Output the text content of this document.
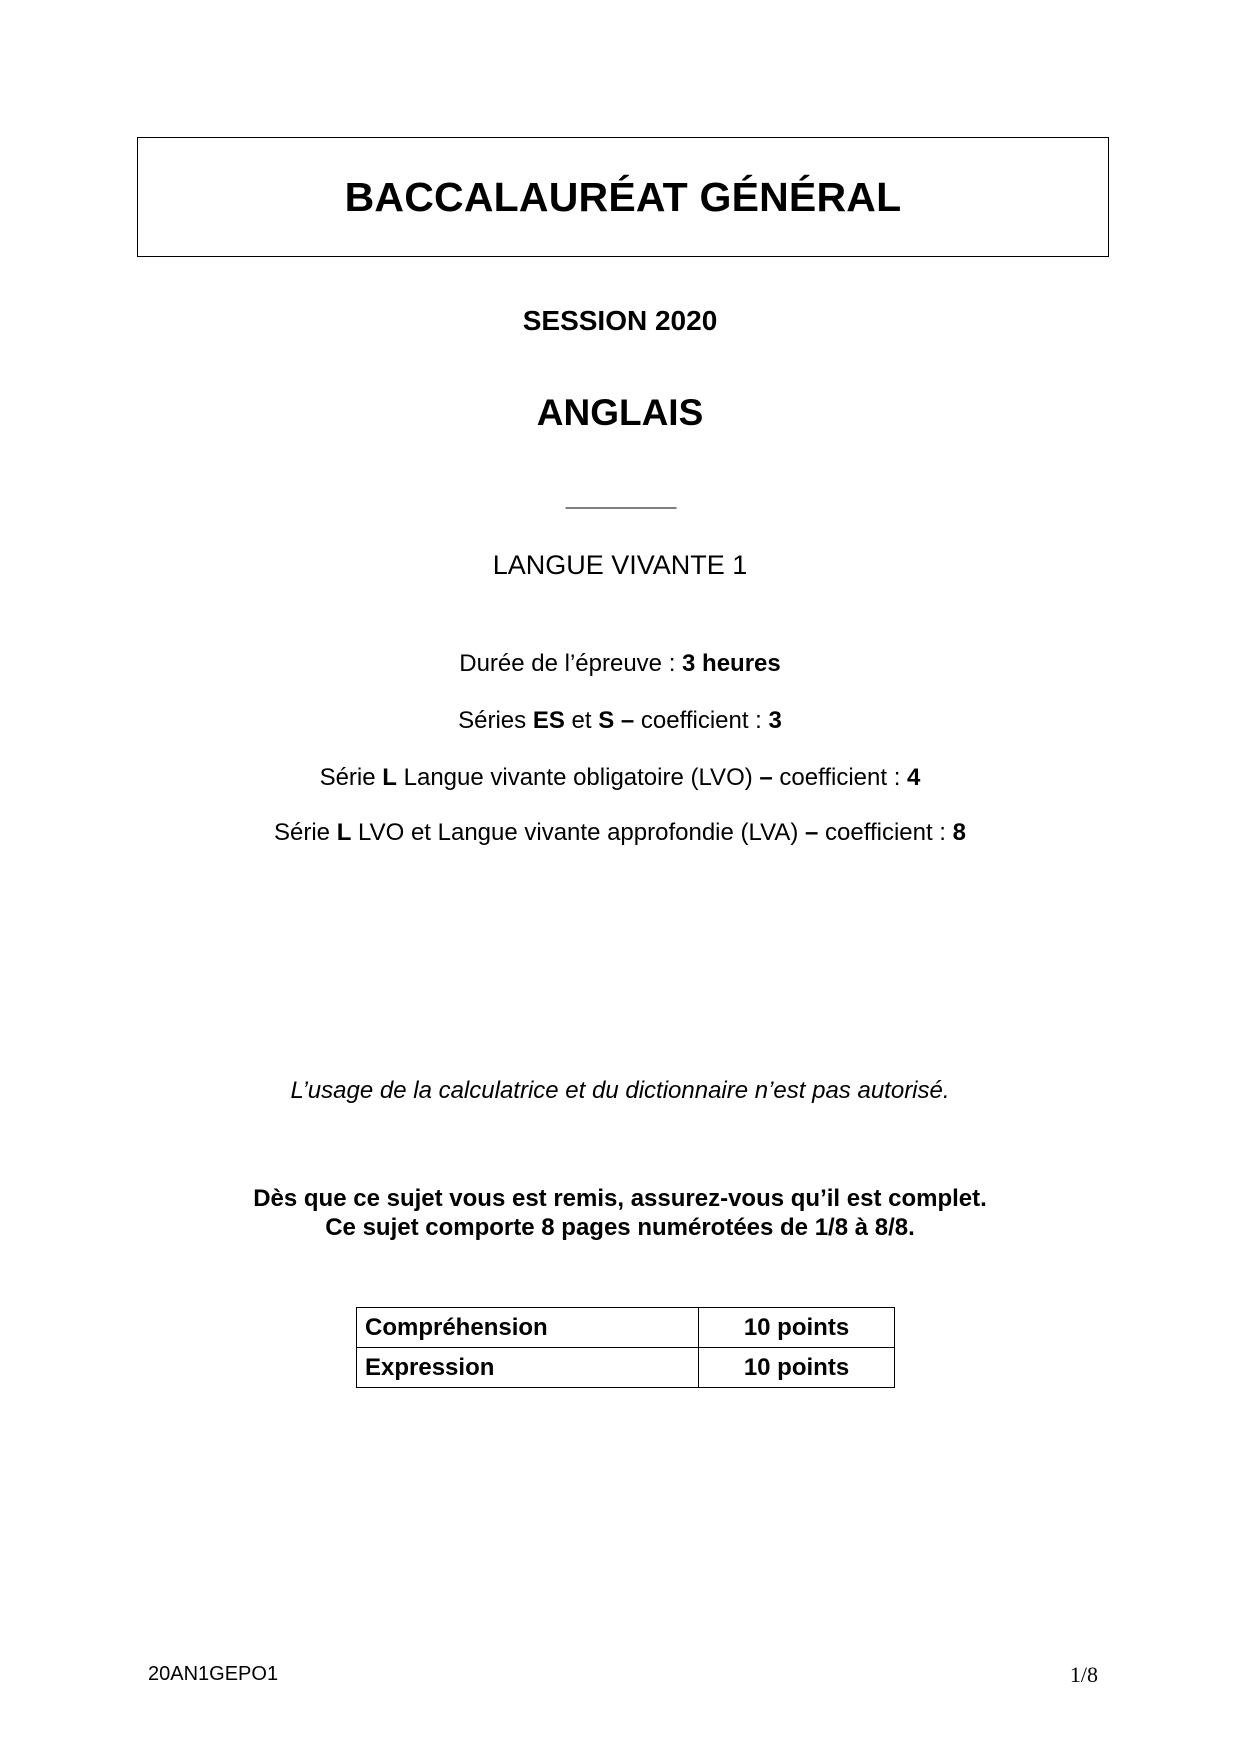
BACCALAURÉAT GÉNÉRAL

SESSION 2020

ANGLAIS

________

LANGUE VIVANTE 1

Durée de l’épreuve : 3 heures

Séries ES et S – coefficient : 3

Série L Langue vivante obligatoire (LVO) – coefficient : 4

Série L LVO et Langue vivante approfondie (LVA) – coefficient : 8

L’usage de la calculatrice et du dictionnaire n’est pas autorisé.

Dès que ce sujet vous est remis, assurez-vous qu’il est complet.

Ce sujet comporte 8 pages numérotées de 1/8 à 8/8.

Compréhension	10 points
Expression	10 points

20AN1GEPO1	1/8
